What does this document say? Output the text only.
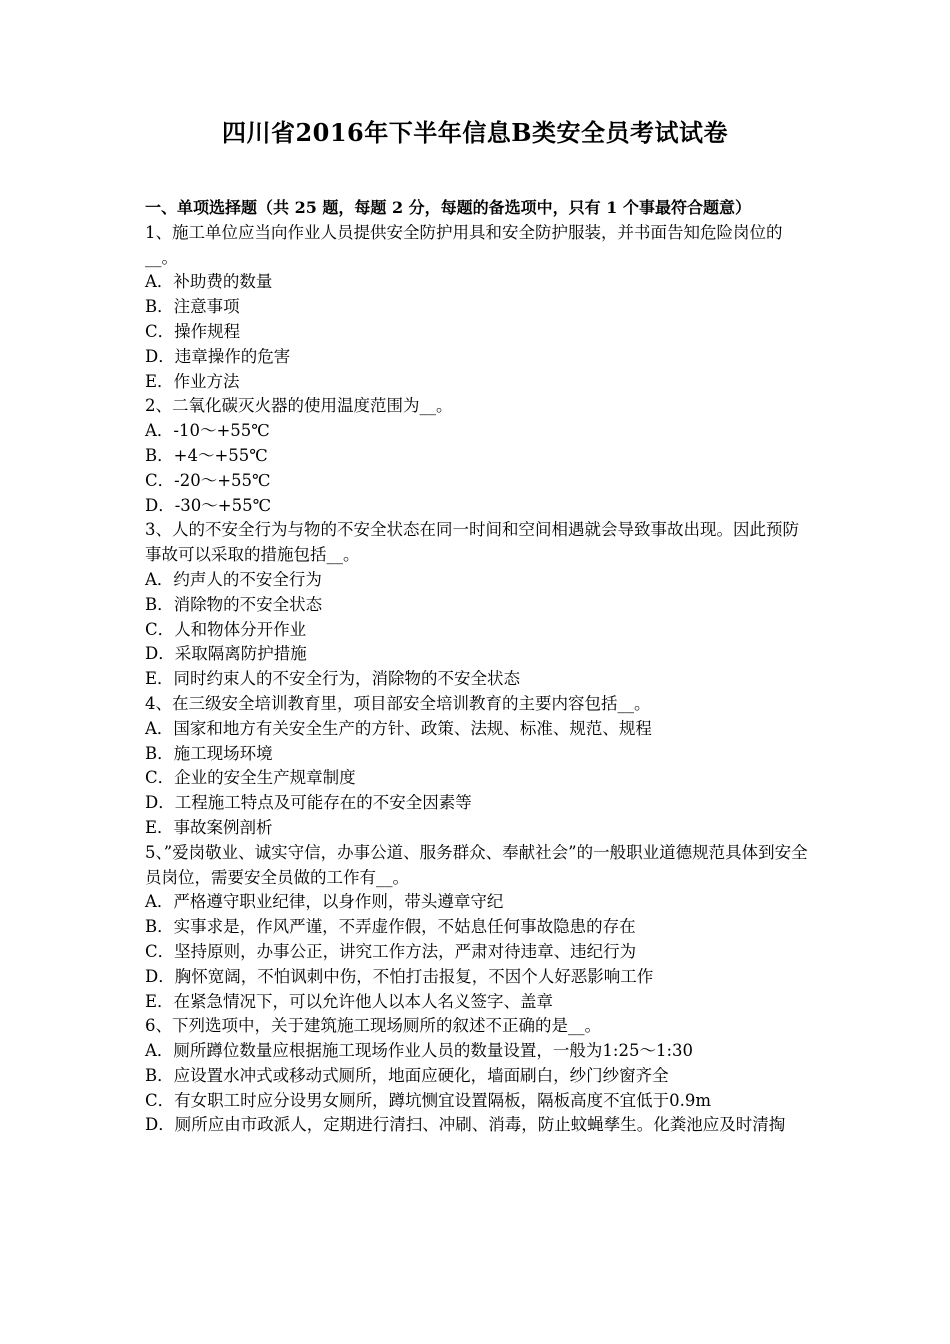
四川省2016年下半年信息B类安全员考试试卷

一、单项选择题（共 25 题，每题 2 分，每题的备选项中，只有 1 个事最符合题意）

1、施工单位应当向作业人员提供安全防护用具和安全防护服装，并书面告知危险岗位的__。

A．补助费的数量

B．注意事项

C．操作规程

D．违章操作的危害

E．作业方法

2、二氧化碳灭火器的使用温度范围为__。

A．-10～+55℃

B．+4～+55℃

C．-20～+55℃

D．-30～+55℃

3、人的不安全行为与物的不安全状态在同一时间和空间相遇就会导致事故出现。因此预防事故可以采取的措施包括__。

A．约声人的不安全行为

B．消除物的不安全状态

C．人和物体分开作业

D．采取隔离防护措施

E．同时约束人的不安全行为，消除物的不安全状态

4、在三级安全培训教育里，项目部安全培训教育的主要内容包括__。

A．国家和地方有关安全生产的方针、政策、法规、标准、规范、规程

B．施工现场环境

C．企业的安全生产规章制度

D．工程施工特点及可能存在的不安全因素等

E．事故案例剖析

5、”爱岗敬业、诚实守信，办事公道、服务群众、奉献社会”的一般职业道德规范具体到安全员岗位，需要安全员做的工作有__。

A．严格遵守职业纪律，以身作则，带头遵章守纪

B．实事求是，作风严谨，不弄虚作假，不姑息任何事故隐患的存在

C．坚持原则，办事公正，讲究工作方法，严肃对待违章、违纪行为

D．胸怀宽阔，不怕讽刺中伤，不怕打击报复，不因个人好恶影响工作

E．在紧急情况下，可以允许他人以本人名义签字、盖章

6、下列选项中，关于建筑施工现场厕所的叙述不正确的是__。

A．厕所蹲位数量应根据施工现场作业人员的数量设置，一般为1:25～1:30

B．应设置水冲式或移动式厕所，地面应硬化，墙面刷白，纱门纱窗齐全

C．有女职工时应分设男女厕所，蹲坑恻宜设置隔板，隔板高度不宜低于0.9m

D．厕所应由市政派人，定期进行清扫、冲刷、消毒，防止蚊蝇孳生。化粪池应及时清掏
